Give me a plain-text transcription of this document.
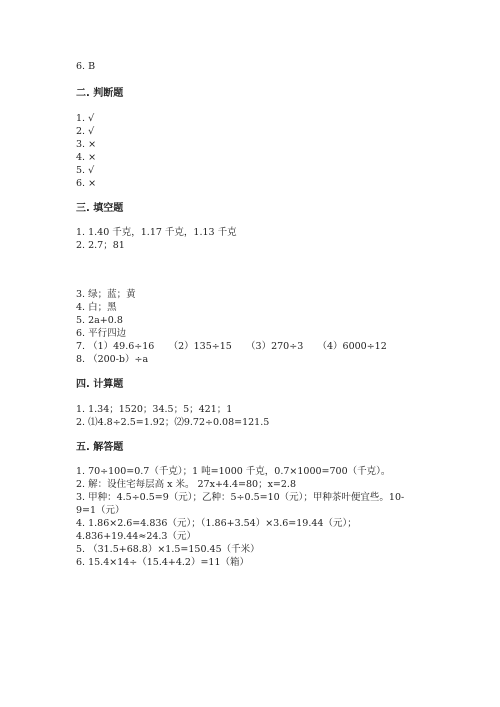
6. B
二. 判断题
1. √
2. √
3. ×
4. ×
5. √
6. ×
三. 填空题
1. 1.40 千克，1.17 千克，1.13 千克
2. 2.7；81
3. 绿；蓝；黄
4. 白；黑
5. 2a+0.8
6. 平行四边
7. （1）49.6÷16　　（2）135÷15　　（3）270÷3　　（4）6000÷12
8. （200-b）÷a
四. 计算题
1. 1.34；1520；34.5；5；421；1
2. ⑴4.8÷2.5=1.92；⑵9.72÷0.08=121.5
五. 解答题
1. 70÷100=0.7（千克）；1 吨=1000 千克，0.7×1000=700（千克）。
2. 解：设住宅每层高 x 米。 27x+4.4=80；x=2.8
3. 甲种：4.5÷0.5=9（元）；乙种：5÷0.5=10（元）；甲种茶叶便宜些。10-
9=1（元）
4. 1.86×2.6=4.836（元）；（1.86+3.54）×3.6=19.44（元）；
4.836+19.44≈24.3（元）
5. （31.5+68.8）×1.5=150.45（千米）
6. 15.4×14÷（15.4+4.2）=11（箱）
